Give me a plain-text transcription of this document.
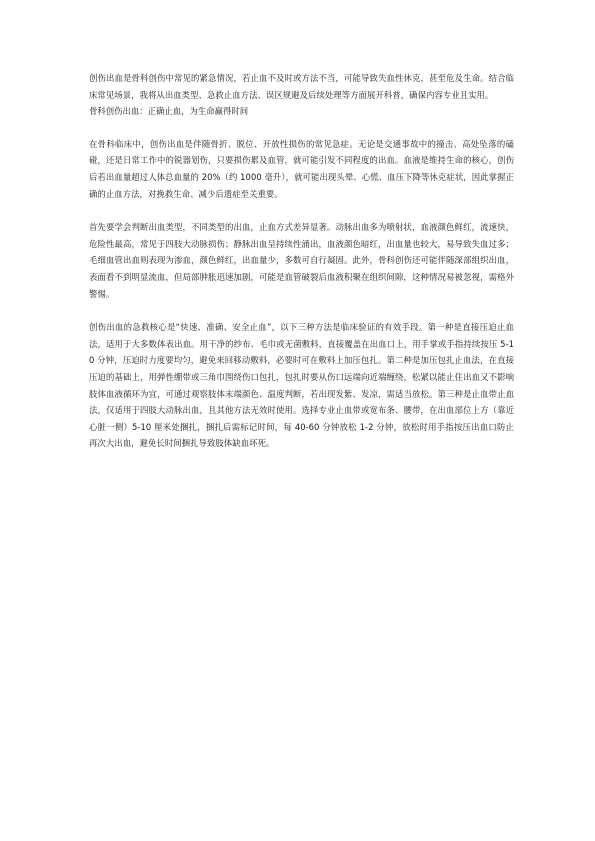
创伤出血是骨科创伤中常见的紧急情况，若止血不及时或方法不当，可能导致失血性休克，甚至危及生命。结合临床常见场景，我将从出血类型、急救止血方法、误区规避及后续处理等方面展开科普，确保内容专业且实用。

骨科创伤出血：正确止血，为生命赢得时间

在骨科临床中，创伤出血是伴随骨折、脱位、开放性损伤的常见急症。无论是交通事故中的撞击、高处坠落的磕碰，还是日常工作中的锐器划伤，只要损伤累及血管，就可能引发不同程度的出血。血液是维持生命的核心，创伤后若出血量超过人体总血量的 20%（约 1000 毫升），就可能出现头晕、心慌、血压下降等休克症状，因此掌握正确的止血方法，对挽救生命、减少后遗症至关重要。

首先要学会判断出血类型，不同类型的出血，止血方式差异显著。动脉出血多为喷射状，血液颜色鲜红，流速快，危险性最高，常见于四肢大动脉损伤；静脉出血呈持续性涌出，血液颜色暗红，出血量也较大，易导致失血过多；毛细血管出血则表现为渗血，颜色鲜红，出血量少，多数可自行凝固。此外，骨科创伤还可能伴随深部组织出血，表面看不到明显流血，但局部肿胀迅速加剧，可能是血管破裂后血液积聚在组织间隙，这种情况易被忽视，需格外警惕。

创伤出血的急救核心是“快速、准确、安全止血”，以下三种方法是临床验证的有效手段。第一种是直接压迫止血法，适用于大多数体表出血。用干净的纱布、毛巾或无菌敷料，直接覆盖在出血口上，用手掌或手指持续按压 5-10 分钟，压迫时力度要均匀，避免来回移动敷料，必要时可在敷料上加压包扎。第二种是加压包扎止血法，在直接压迫的基础上，用弹性绷带或三角巾围绕伤口包扎，包扎时要从伤口远端向近端缠绕，松紧以能止住出血又不影响肢体血液循环为宜，可通过观察肢体末端颜色、温度判断，若出现发紫、发凉，需适当放松。第三种是止血带止血法，仅适用于四肢大动脉出血，且其他方法无效时使用。选择专业止血带或宽布条、腰带，在出血部位上方（靠近心脏一侧）5-10 厘米处捆扎，捆扎后需标记时间，每 40-60 分钟放松 1-2 分钟，放松时用手指按压出血口防止再次大出血，避免长时间捆扎导致肢体缺血坏死。
